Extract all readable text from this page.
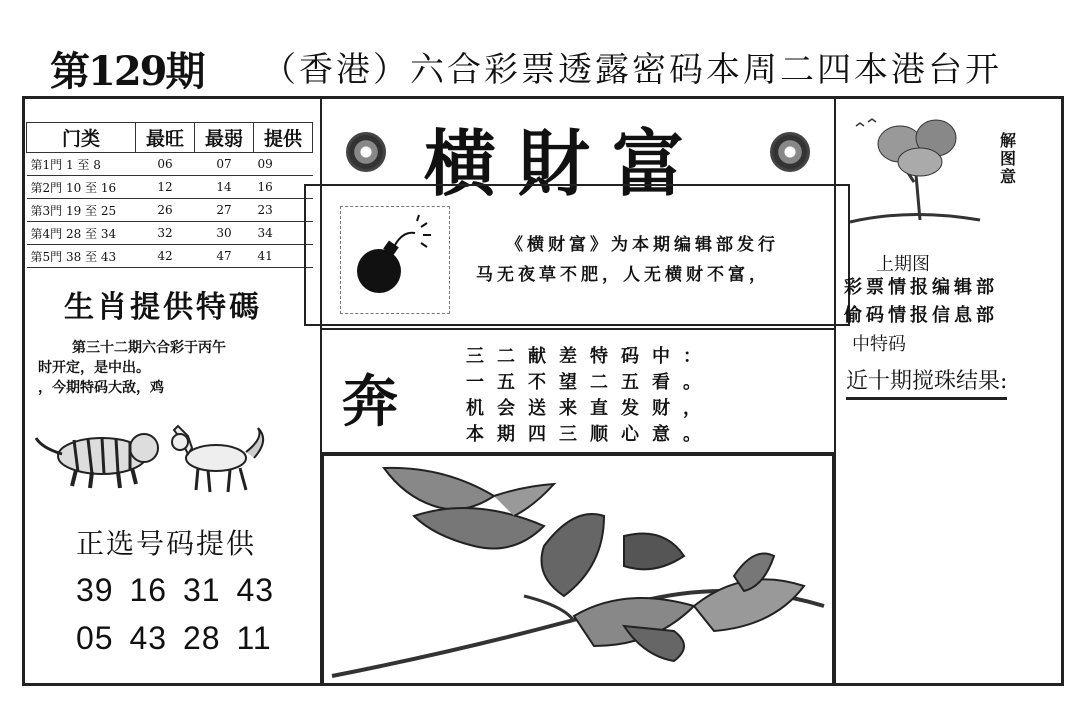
第129期 （香港）六合彩票透露密码本周二四本港台开
门类	最旺	最弱	提供
第1門 1 至 8	06	07	09
第2門 10 至 16	12	14	16
第3門 19 至 25	26	27	23
第4門 28 至 34	32	30	34
第5門 38 至 43	42	47	41
生肖提供特碼
第三十二期六合彩于丙午
时开定，是中出。
，今期特码大敌，鸡
正选号码提供
39 16 31 43
05 43 28 11
横財富
《横财富》为本期编辑部发行
马无夜草不肥，人无横财不富，
奔
三二献差特码中：
一五不望二五看。
机会送来直发财，
本期四三顺心意。
解图意
上期图
彩票情报编辑部
偷码情报信息部
中特码
近十期搅珠结果:
